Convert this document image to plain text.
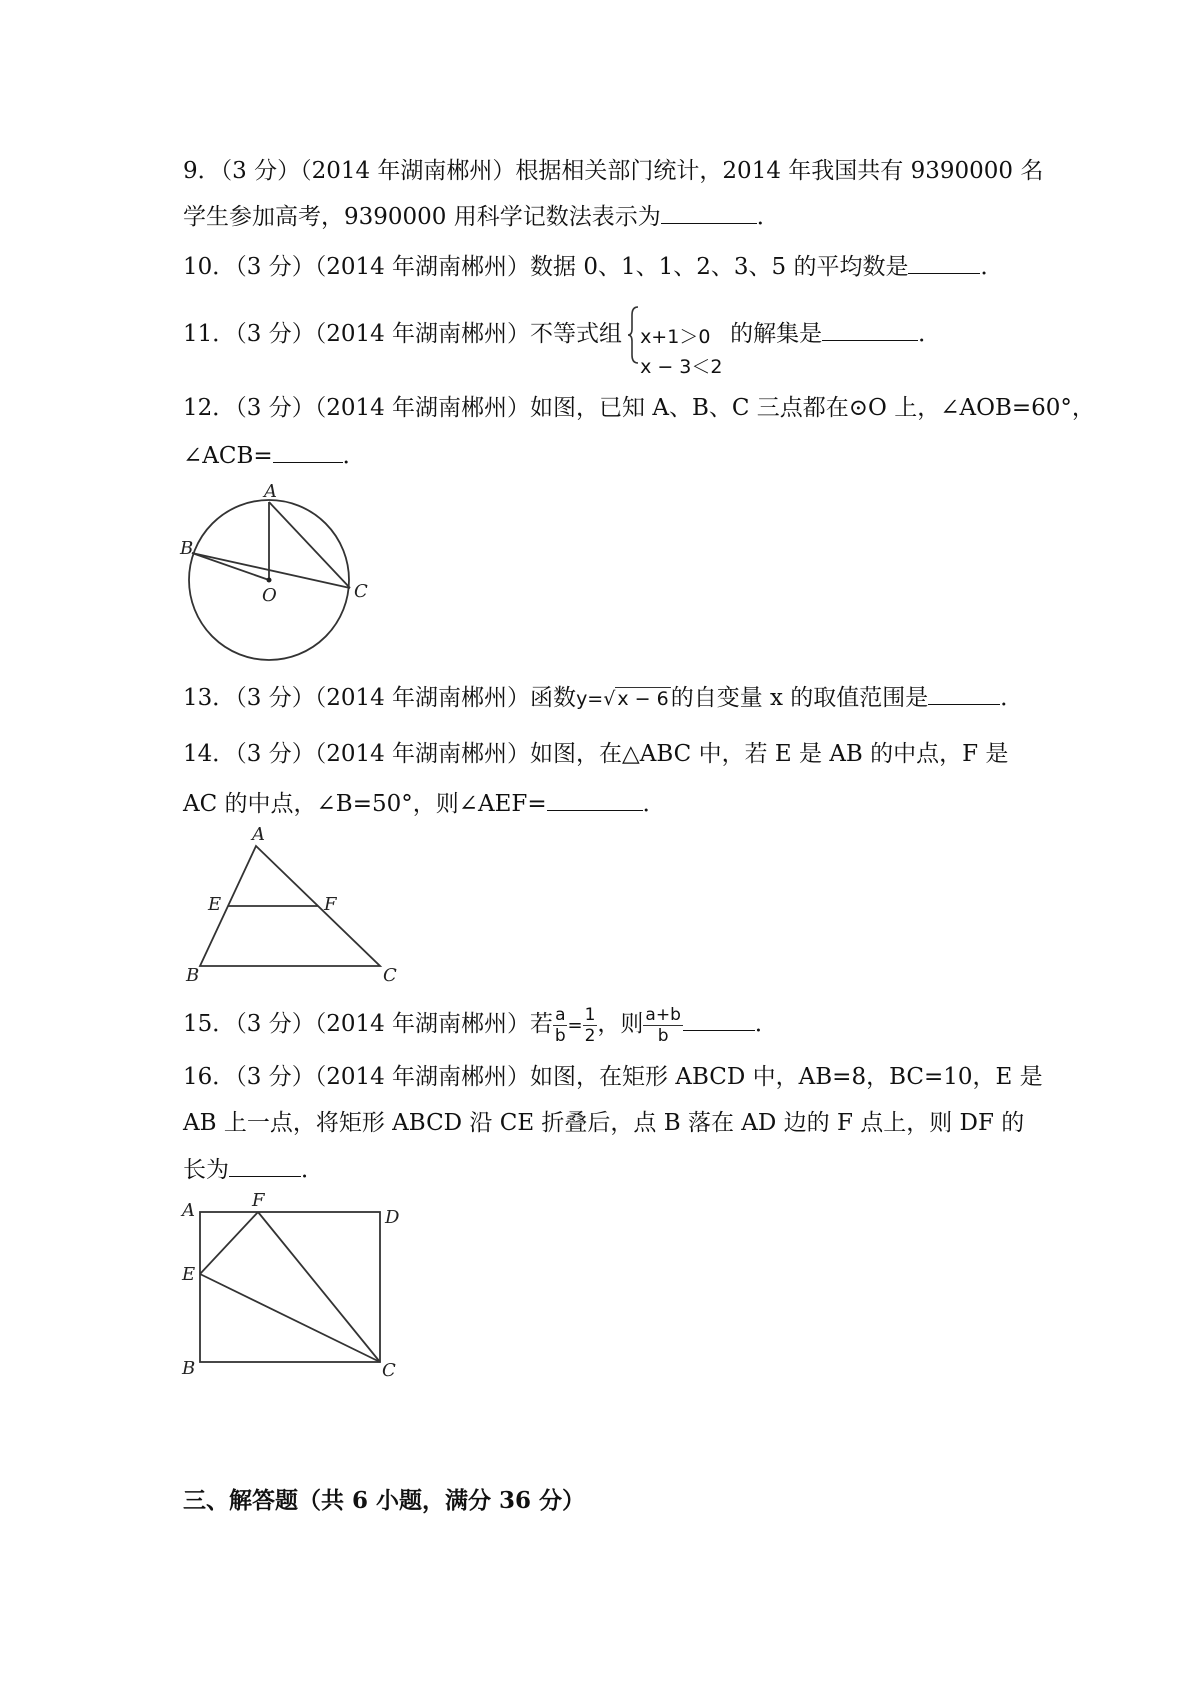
9．（3 分）（2014 年湖南郴州）根据相关部门统计，2014 年我国共有 9390000 名
学生参加高考，9390000 用科学记数法表示为	．
10．（3 分）（2014 年湖南郴州）数据 0、1、1、2、3、5 的平均数是	．
11．（3 分）（2014 年湖南郴州）不等式组 x+1＞0
x − 3＜2
的解集是	．
12．（3 分）（2014 年湖南郴州）如图，已知 A、B、C 三点都在⊙O 上，∠AOB=60°，
∠ACB=	．
A
B
C
O
13．（3 分）（2014 年湖南郴州）函数y=√ x − 6的自变量 x 的取值范围是	．
14．（3 分）（2014 年湖南郴州）如图，在△ABC 中，若 E 是 AB 的中点，F 是
AC 的中点，∠B=50°，则∠AEF=	．
A
B	C
E	F
15．（3 分）（2014 年湖南郴州）若 $\frac{a}{b} = \frac{1}{2}$ ，则 $\frac{a+b}{b}$	．
16．（3 分）（2014 年湖南郴州）如图，在矩形 ABCD 中，AB=8，BC=10，E 是
AB 上一点，将矩形 ABCD 沿 CE 折叠后，点 B 落在 AD 边的 F 点上，则 DF 的
长为	．
A
B	C
D
E
F
三、解答题（共 6 小题，满分 36 分）
